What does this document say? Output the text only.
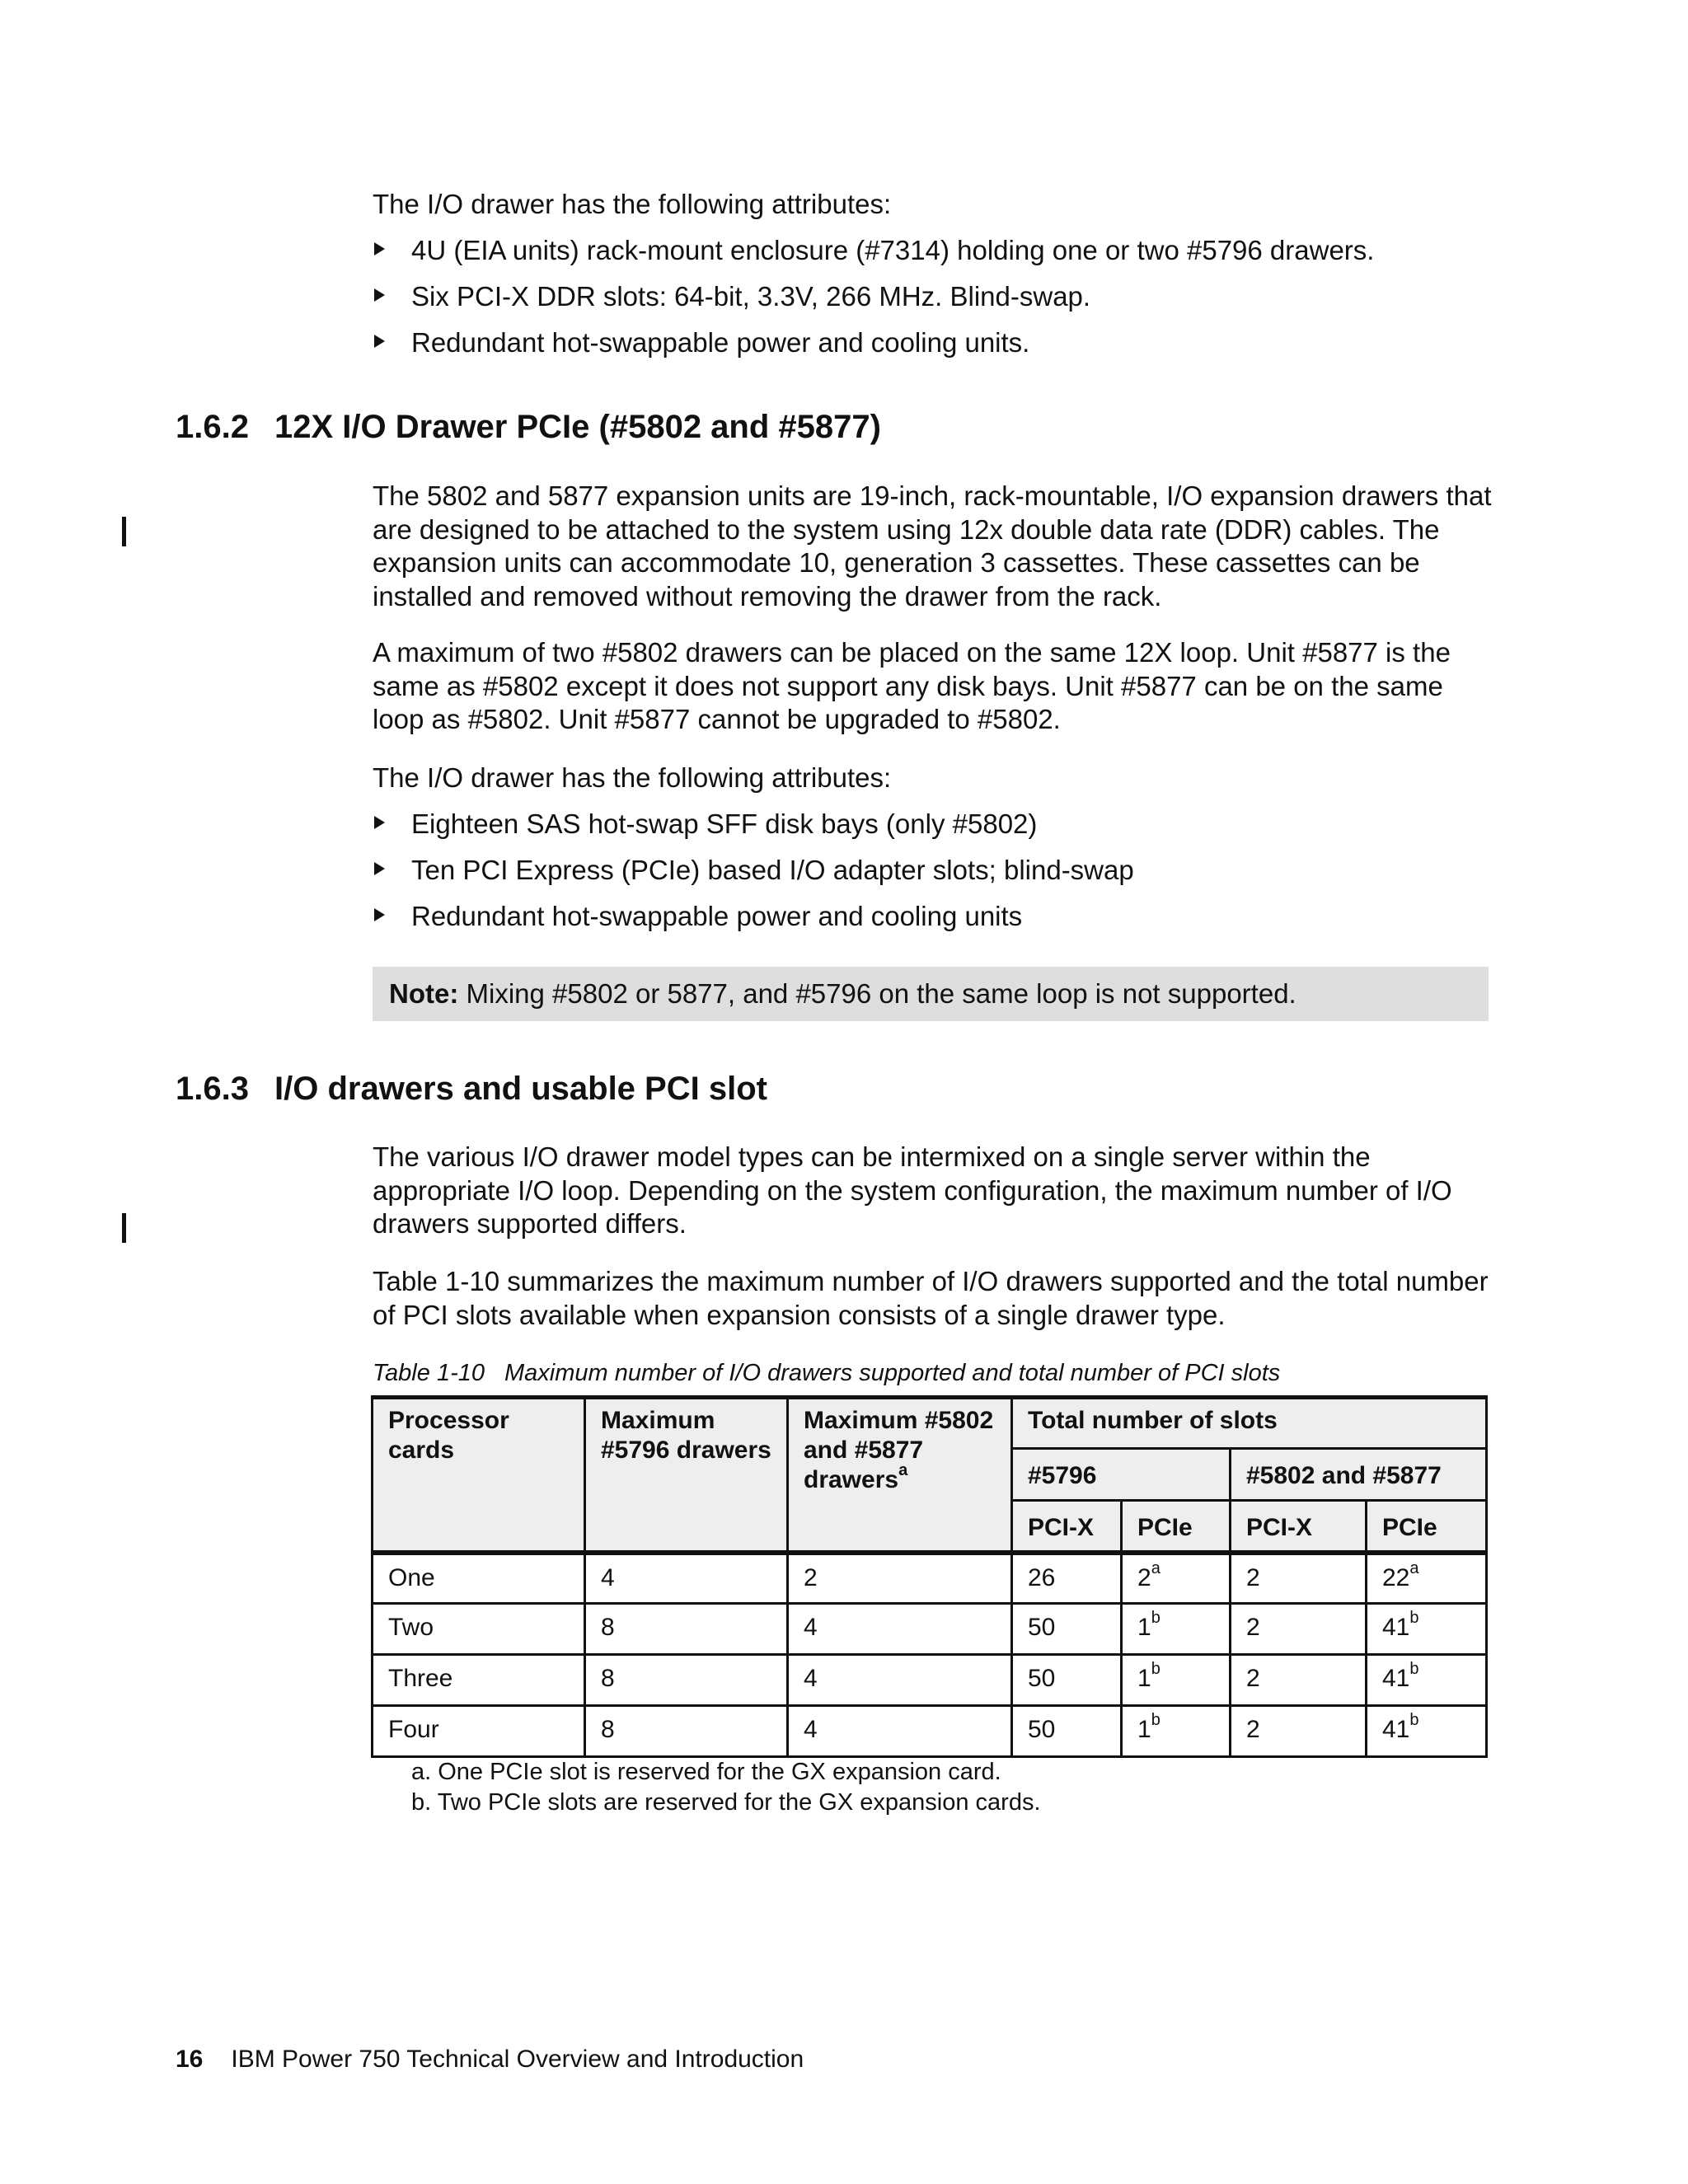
The I/O drawer has the following attributes:

4U (EIA units) rack-mount enclosure (#7314) holding one or two #5796 drawers.
Six PCI-X DDR slots: 64-bit, 3.3V, 266 MHz. Blind-swap.
Redundant hot-swappable power and cooling units.
1.6.2 12X I/O Drawer PCIe (#5802 and #5877)

The 5802 and 5877 expansion units are 19-inch, rack-mountable, I/O expansion drawers that are designed to be attached to the system using 12x double data rate (DDR) cables. The expansion units can accommodate 10, generation 3 cassettes. These cassettes can be installed and removed without removing the drawer from the rack.

A maximum of two #5802 drawers can be placed on the same 12X loop. Unit #5877 is the same as #5802 except it does not support any disk bays. Unit #5877 can be on the same loop as #5802. Unit #5877 cannot be upgraded to #5802.

The I/O drawer has the following attributes:

Eighteen SAS hot-swap SFF disk bays (only #5802)
Ten PCI Express (PCIe) based I/O adapter slots; blind-swap
Redundant hot-swappable power and cooling units
Note: Mixing #5802 or 5877, and #5796 on the same loop is not supported.
1.6.3 I/O drawers and usable PCI slot

The various I/O drawer model types can be intermixed on a single server within the appropriate I/O loop. Depending on the system configuration, the maximum number of I/O drawers supported differs.

Table 1-10 summarizes the maximum number of I/O drawers supported and the total number of PCI slots available when expansion consists of a single drawer type.

Table 1-10 Maximum number of I/O drawers supported and total number of PCI slots
Processor cards	Maximum #5796 drawers	Maximum #5802 and #5877 drawers$^a$	Total number of slots			
			#5796		#5802 and #5877	
			PCI-X	PCIe	PCI-X	PCIe
One	4	2	26	2$^a$	2	22$^a$
Two	8	4	50	1$^b$	2	41$^b$
Three	8	4	50	1$^b$	2	41$^b$
Four	8	4	50	1$^b$	2	41$^b$
a. One PCIe slot is reserved for the GX expansion card.
b. Two PCIe slots are reserved for the GX expansion cards.
16 IBM Power 750 Technical Overview and Introduction
